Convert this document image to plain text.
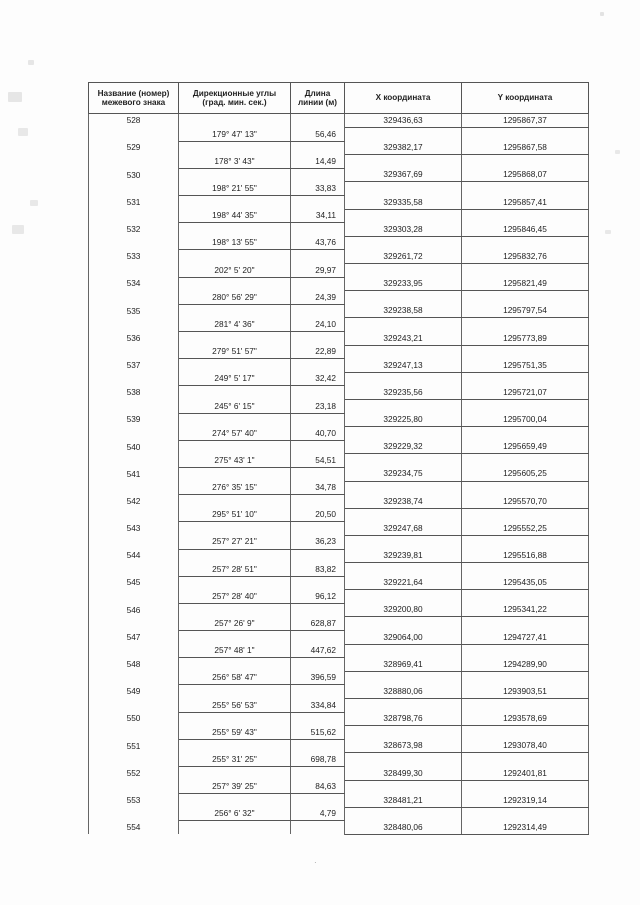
Название (номер) межевого знака	Дирекционные углы (град. мин. сек.)	Длина линии (м)	X координата	Y координата
528			329436,63	1295867,37
	179° 47' 13"	56,46		
529			329382,17	1295867,58
	178° 3' 43"	14,49		
530			329367,69	1295868,07
	198° 21' 55"	33,83		
531			329335,58	1295857,41
	198° 44' 35"	34,11		
532			329303,28	1295846,45
	198° 13' 55"	43,76		
533			329261,72	1295832,76
	202° 5' 20"	29,97		
534			329233,95	1295821,49
	280° 56' 29"	24,39		
535			329238,58	1295797,54
	281° 4' 36"	24,10		
536			329243,21	1295773,89
	279° 51' 57"	22,89		
537			329247,13	1295751,35
	249° 5' 17"	32,42		
538			329235,56	1295721,07
	245° 6' 15"	23,18		
539			329225,80	1295700,04
	274° 57' 40"	40,70		
540			329229,32	1295659,49
	275° 43' 1"	54,51		
541			329234,75	1295605,25
	276° 35' 15"	34,78		
542			329238,74	1295570,70
	295° 51' 10"	20,50		
543			329247,68	1295552,25
	257° 27' 21"	36,23		
544			329239,81	1295516,88
	257° 28' 51"	83,82		
545			329221,64	1295435,05
	257° 28' 40"	96,12		
546			329200,80	1295341,22
	257° 26' 9"	628,87		
547			329064,00	1294727,41
	257° 48' 1"	447,62		
548			328969,41	1294289,90
	256° 58' 47"	396,59		
549			328880,06	1293903,51
	255° 56' 53"	334,84		
550			328798,76	1293578,69
	255° 59' 43"	515,62		
551			328673,98	1293078,40
	255° 31' 25"	698,78		
552			328499,30	1292401,81
	257° 39' 25"	84,63		
553			328481,21	1292319,14
	256° 6' 32"	4,79		
554			328480,06	1292314,49
·
